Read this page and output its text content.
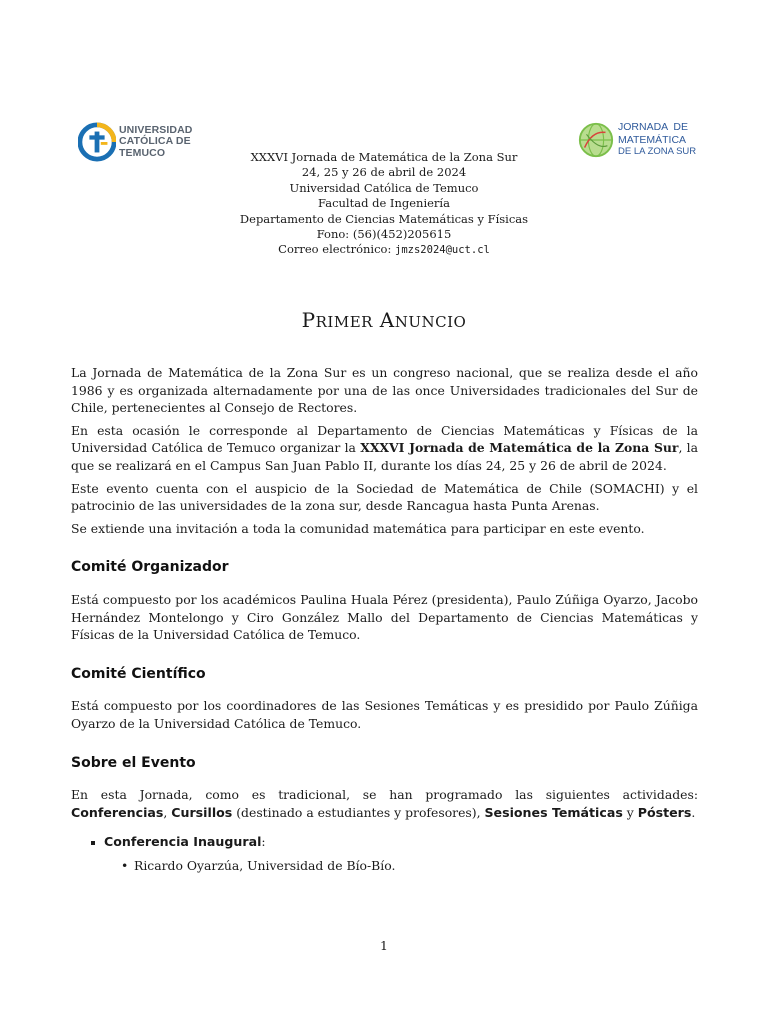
UNIVERSIDAD
CATÓLICA DE
TEMUCO
JORNADA  DE
MATEMÁTICA
DE LA ZONA SUR
XXXVI Jornada de Matemática de la Zona Sur
24, 25 y 26 de abril de 2024
Universidad Católica de Temuco
Facultad de Ingeniería
Departamento de Ciencias Matemáticas y Físicas
Fono: (56)(452)205615
Correo electrónico: jmzs2024@uct.cl
PRIMER ANUNCIO

La Jornada de Matemática de la Zona Sur es un congreso nacional, que se realiza desde el año 1986 y es organizada alternadamente por una de las once Universidades tradicionales del Sur de Chile, pertenecientes al Consejo de Rectores.

En esta ocasión le corresponde al Departamento de Ciencias Matemáticas y Físicas de la Universidad Católica de Temuco organizar la XXXVI Jornada de Matemática de la Zona Sur, la que se realizará en el Campus San Juan Pablo II, durante los días 24, 25 y 26 de abril de 2024.

Este evento cuenta con el auspicio de la Sociedad de Matemática de Chile (SOMACHI) y el patrocinio de las universidades de la zona sur, desde Rancagua hasta Punta Arenas.

Se extiende una invitación a toda la comunidad matemática para participar en este evento.

Comité Organizador

Está compuesto por los académicos Paulina Huala Pérez (presidenta), Paulo Zúñiga Oyarzo, Jacobo Hernández Montelongo y Ciro González Mallo del Departamento de Ciencias Matemáticas y Físicas de la Universidad Católica de Temuco.

Comité Científico

Está compuesto por los coordinadores de las Sesiones Temáticas y es presidido por Paulo Zúñiga Oyarzo de la Universidad Católica de Temuco.

Sobre el Evento

En esta Jornada, como es tradicional, se han programado las siguientes actividades: Conferencias, Cursillos (destinado a estudiantes y profesores), Sesiones Temáticas y Pósters.

Conferencia Inaugural:
• Ricardo Oyarzúa, Universidad de Bío-Bío.
1
